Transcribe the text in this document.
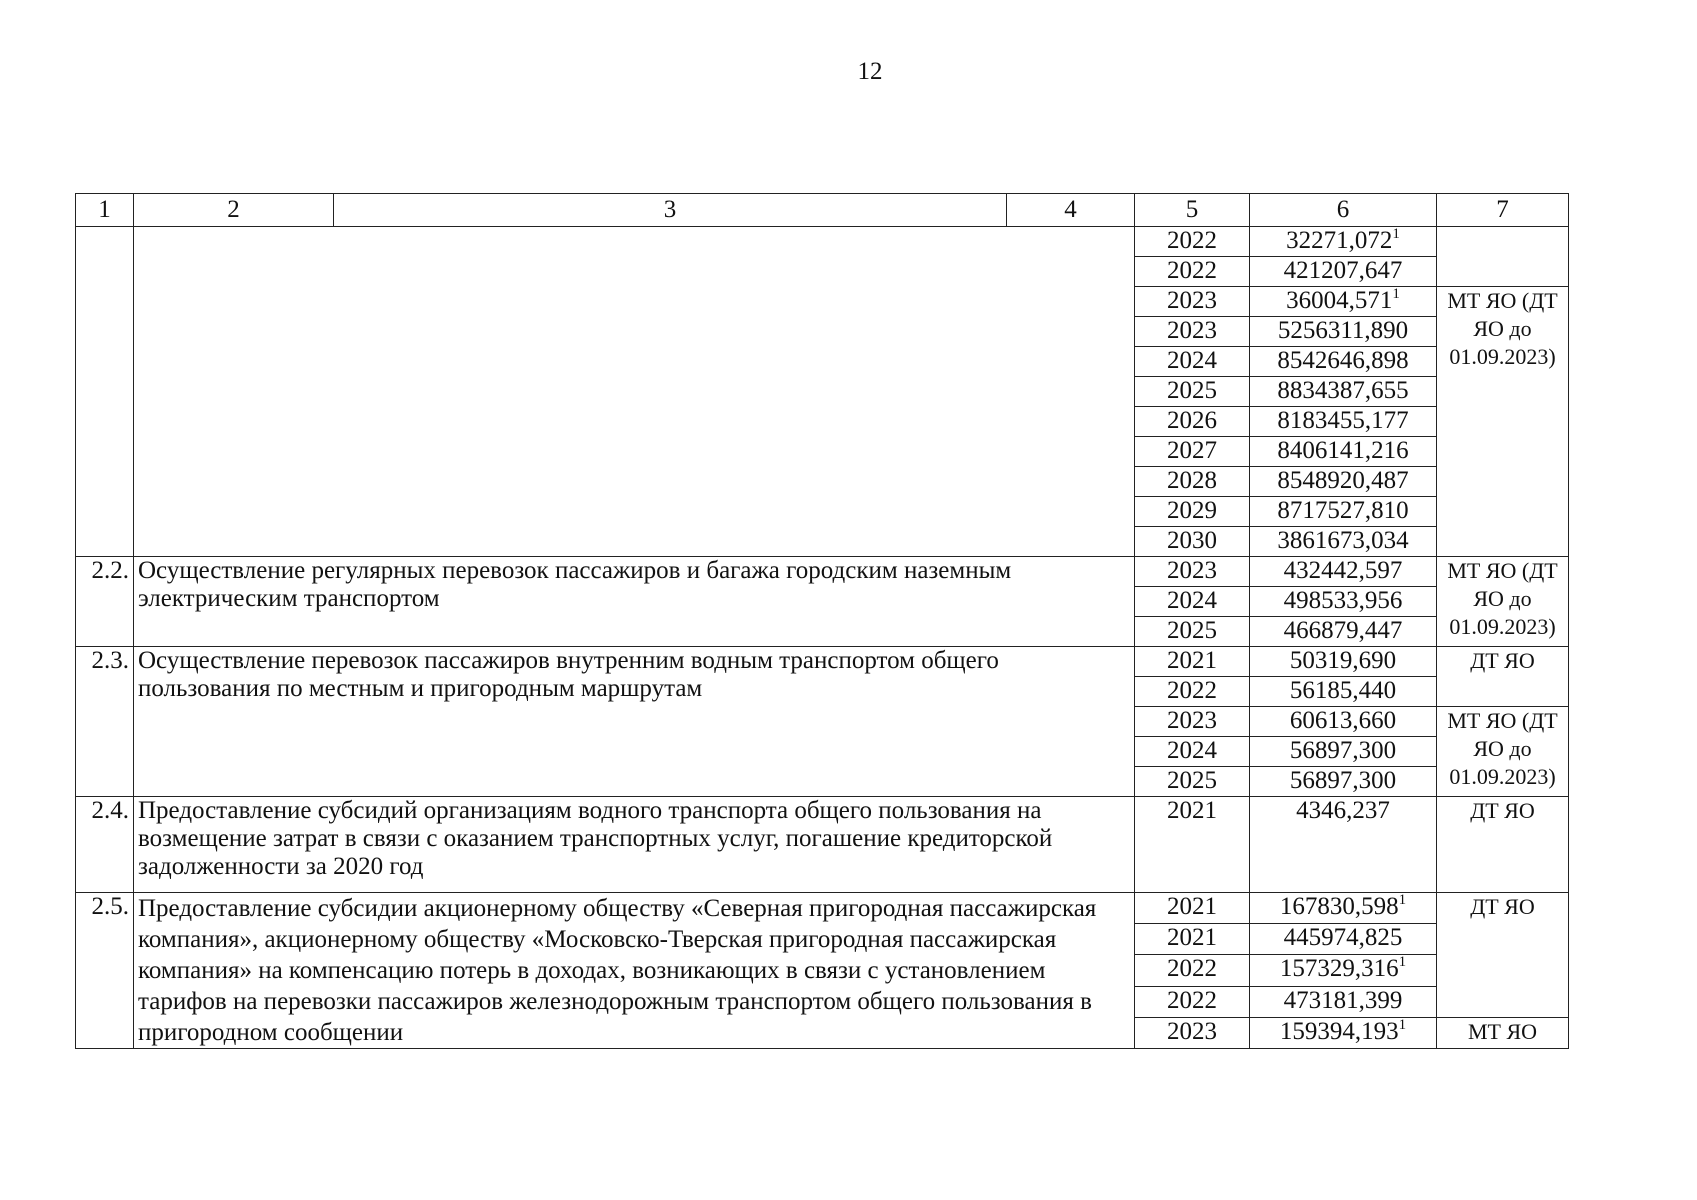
12
1	2 3 4	5	6	7
		2022	32271,072$^1$	
		2022	421207,647	
		2023	36004,571$^1$	МТ ЯО (ДТ ЯО до 01.09.2023)
		2023	5256311,890	
		2024	8542646,898	
		2025	8834387,655	
		2026	8183455,177	
		2027	8406141,216	
		2028	8548920,487	
		2029	8717527,810	
		2030	3861673,034	
2.2.	Осуществление регулярных перевозок пассажиров и багажа городским наземным электрическим транспортом	2023	432442,597	МТ ЯО (ДТ ЯО до 01.09.2023)
		2024	498533,956	
		2025	466879,447	
2.3.	Осуществление перевозок пассажиров внутренним водным транспортом общего пользования по местным и пригородным маршрутам	2021	50319,690	ДТ ЯО
		2022	56185,440	
		2023	60613,660	МТ ЯО (ДТ ЯО до 01.09.2023)
		2024	56897,300	
		2025	56897,300	
2.4.	Предоставление субсидий организациям водного транспорта общего пользования на возмещение затрат в связи с оказанием транспортных услуг, погашение кредиторской задолженности за 2020 год	2021	4346,237	ДТ ЯО
2.5.	Предоставление субсидии акционерному обществу «Северная пригородная пассажирская компания», акционерному обществу «Московско-Тверская пригородная пассажирская компания» на компенсацию потерь в доходах, возникающих в связи с установлением тарифов на перевозки пассажиров железнодорожным транспортом общего пользования в пригородном сообщении	2021	167830,598$^1$	ДТ ЯО
		2021	445974,825	
		2022	157329,316$^1$
		2022	473181,399	
		2023	159394,193$^1$	МТ ЯО
